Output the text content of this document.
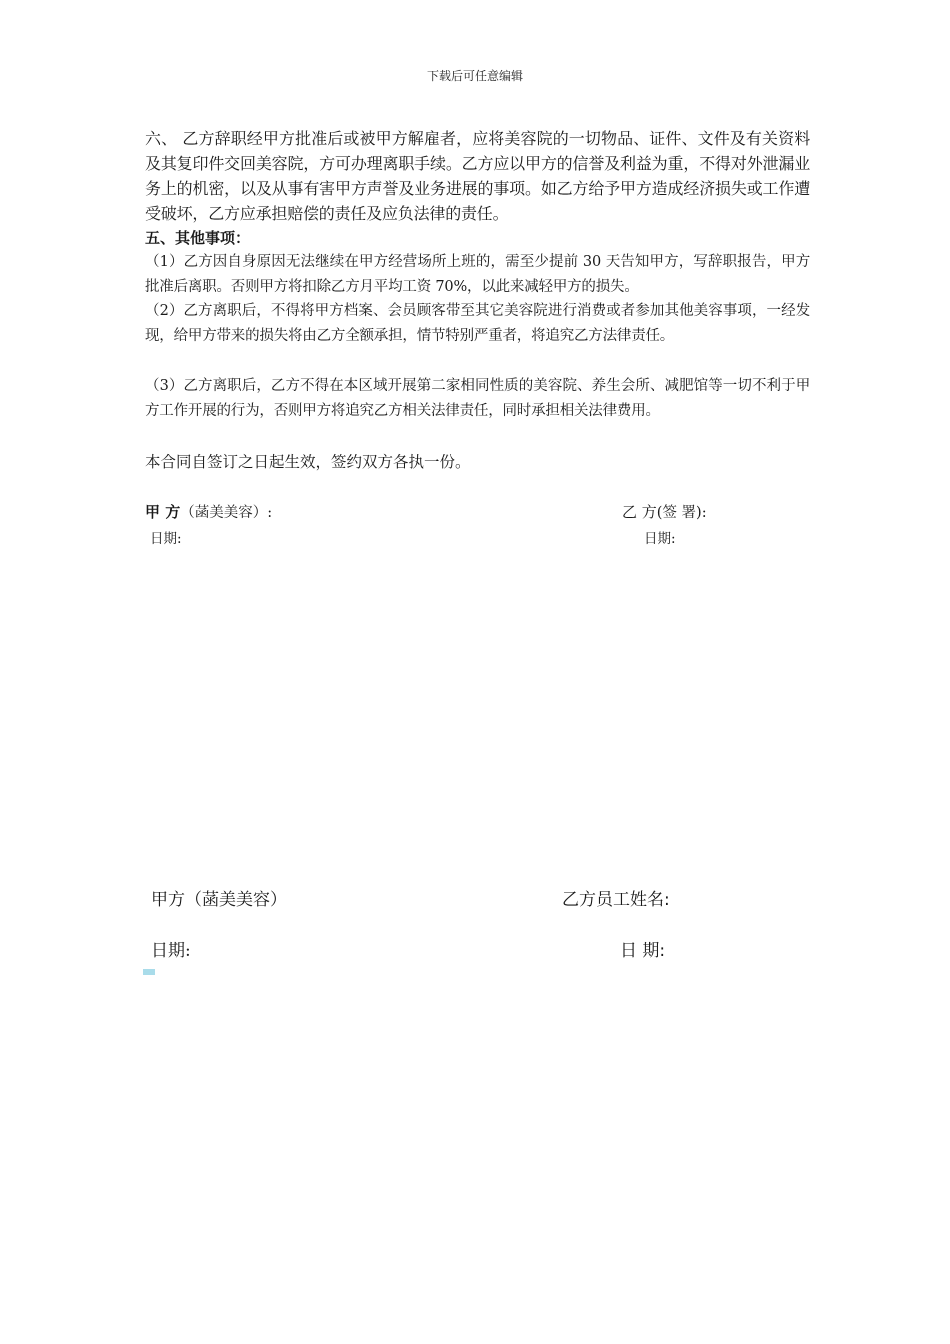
下载后可任意编辑

六、 乙方辞职经甲方批准后或被甲方解雇者，应将美容院的一切物品、证件、文件及有关资料及其复印件交回美容院，方可办理离职手续。乙方应以甲方的信誉及利益为重，不得对外泄漏业务上的机密，以及从事有害甲方声誉及业务进展的事项。如乙方给予甲方造成经济损失或工作遭受破坏，乙方应承担赔偿的责任及应负法律的责任。

五、其他事项：

（1）乙方因自身原因无法继续在甲方经营场所上班的，需至少提前 30 天告知甲方，写辞职报告，甲方批准后离职。否则甲方将扣除乙方月平均工资 70%，以此来减轻甲方的损失。

（2）乙方离职后，不得将甲方档案、会员顾客带至其它美容院进行消费或者参加其他美容事项，一经发现，给甲方带来的损失将由乙方全额承担，情节特别严重者，将追究乙方法律责任。

（3）乙方离职后，乙方不得在本区域开展第二家相同性质的美容院、养生会所、减肥馆等一切不利于甲方工作开展的行为，否则甲方将追究乙方相关法律责任，同时承担相关法律费用。

本合同自签订之日起生效，签约双方各执一份。

甲 方（菡美美容）:
日期:
乙 方(签 署):
日期:
甲方（菡美美容）
日期:
乙方员工姓名:
日 期:
